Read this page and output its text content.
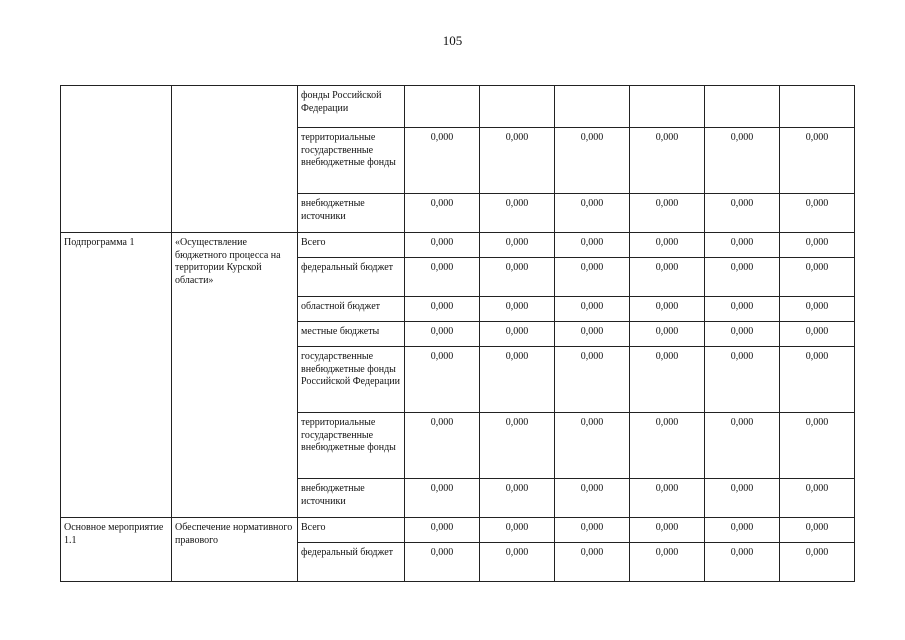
105
		фонды Российской Федерации						
		территориальные государственные внебюджетные фонды	0,000	0,000	0,000	0,000	0,000	0,000
		внебюджетные источники	0,000	0,000	0,000	0,000	0,000	0,000
Подпрограмма 1	«Осуществление бюджетного процесса на территории Курской области»	Всего	0,000	0,000	0,000	0,000	0,000	0,000
		федеральный бюджет	0,000	0,000	0,000	0,000	0,000	0,000
		областной бюджет	0,000	0,000	0,000	0,000	0,000	0,000
		местные бюджеты	0,000	0,000	0,000	0,000	0,000	0,000
		государственные внебюджетные фонды Российской Федерации	0,000	0,000	0,000	0,000	0,000	0,000
		территориальные государственные внебюджетные фонды	0,000	0,000	0,000	0,000	0,000	0,000
		внебюджетные источники	0,000	0,000	0,000	0,000	0,000	0,000
Основное мероприятие 1.1	Обеспечение нормативного правового	Всего	0,000	0,000	0,000	0,000	0,000	0,000
		федеральный бюджет	0,000	0,000	0,000	0,000	0,000	0,000
